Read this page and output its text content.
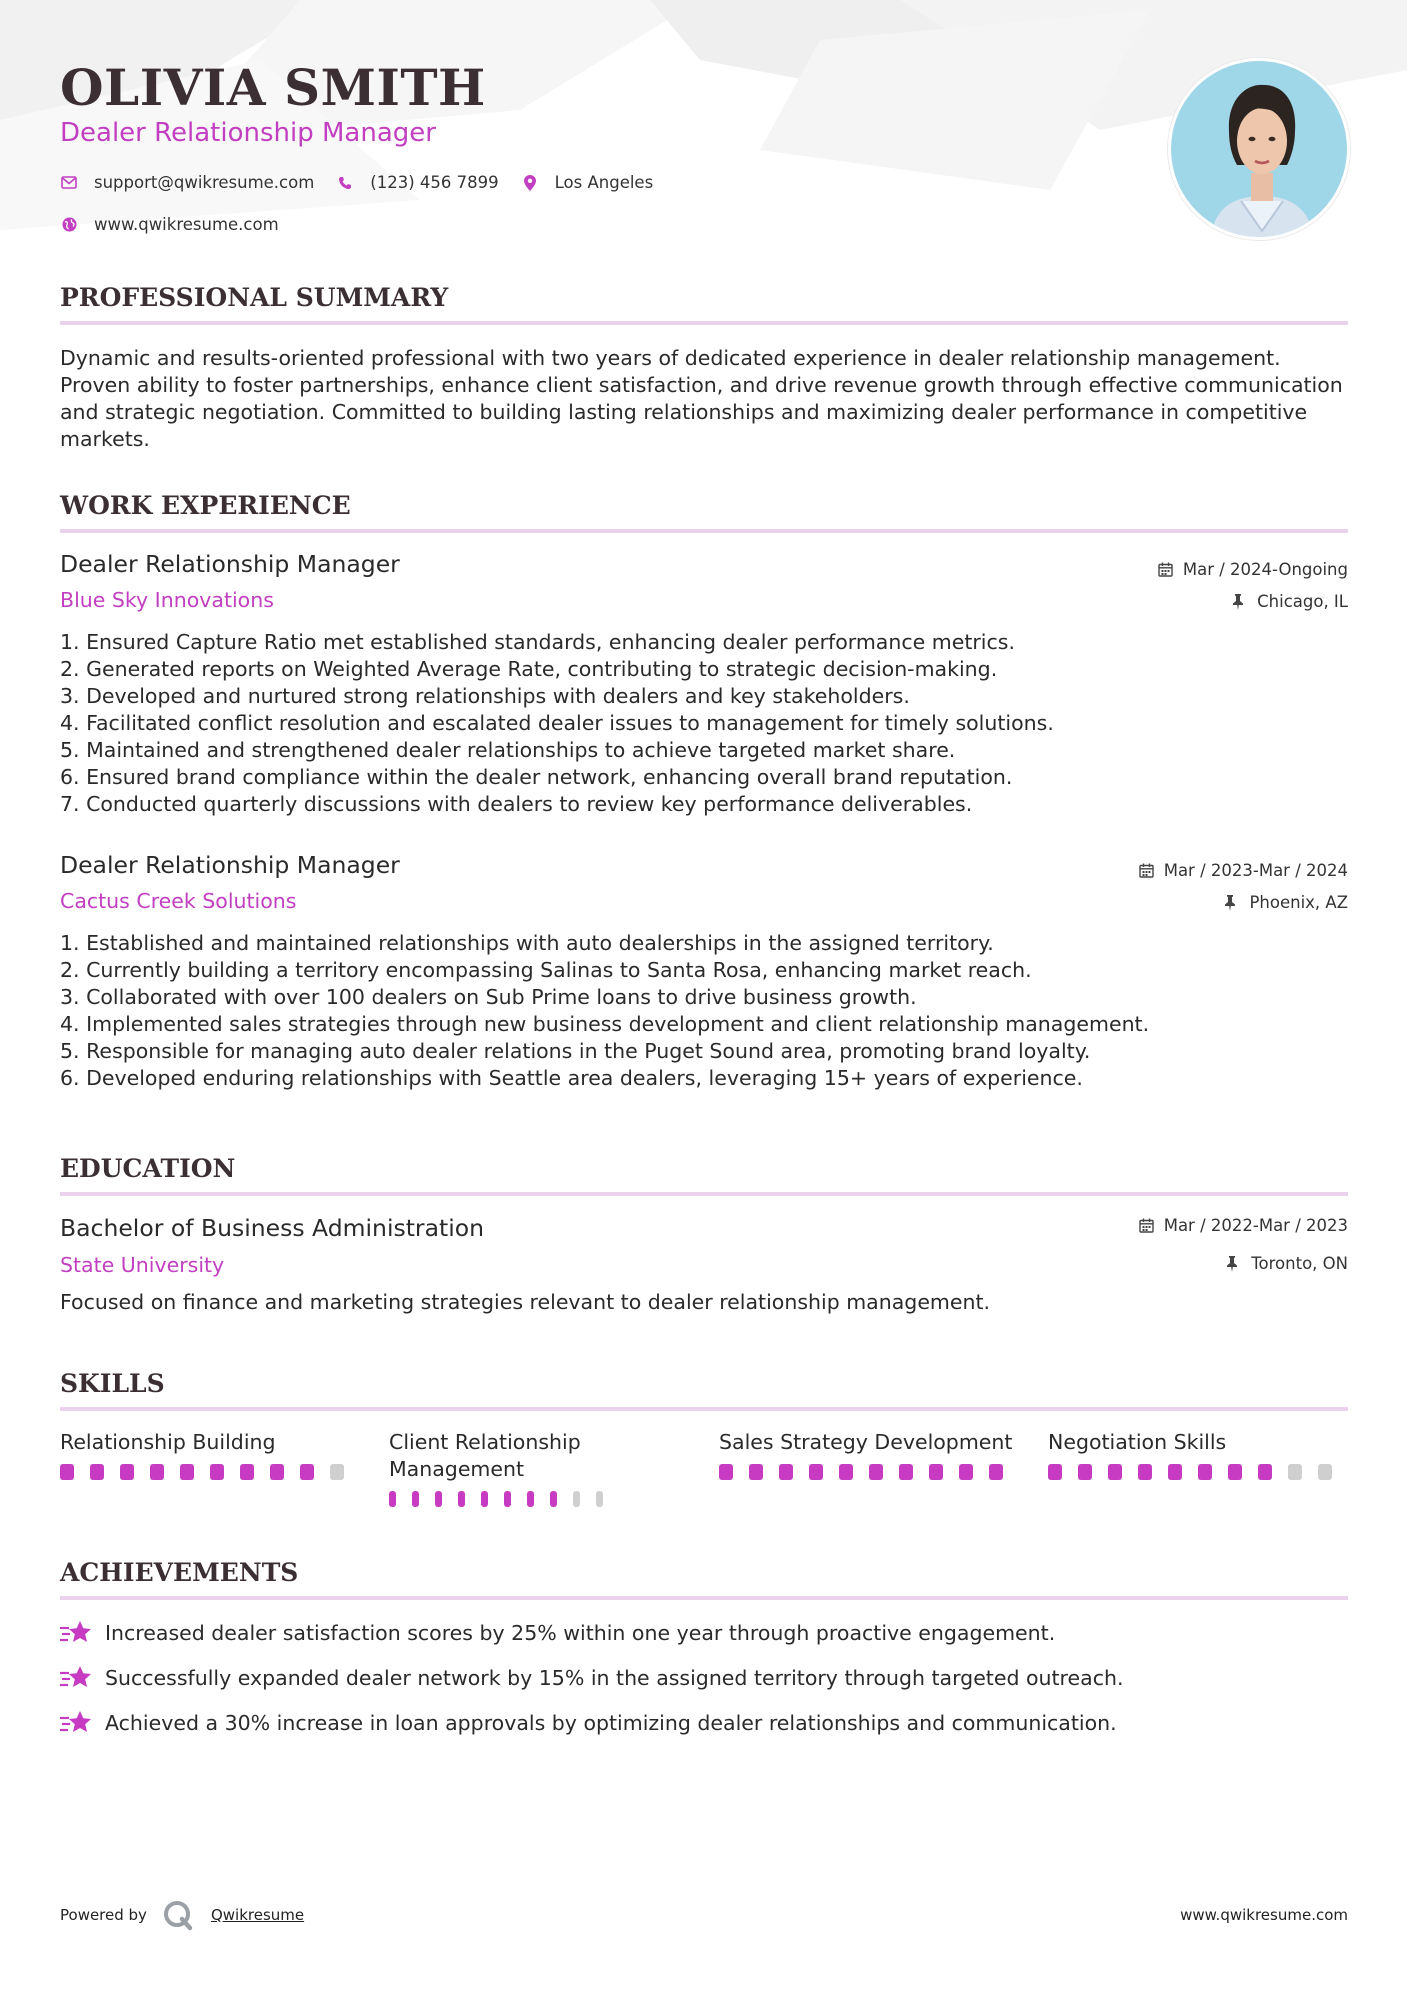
OLIVIA SMITH
Dealer Relationship Manager
support@qwikresume.com	(123) 456 7899	Los Angeles
www.qwikresume.com
PROFESSIONAL SUMMARY
Dynamic and results-oriented professional with two years of dedicated experience in dealer relationship management. Proven ability to foster partnerships, enhance client satisfaction, and drive revenue growth through effective communication and strategic negotiation. Committed to building lasting relationships and maximizing dealer performance in competitive markets.
WORK EXPERIENCE
Dealer Relationship Manager	Mar / 2024-Ongoing
Blue Sky Innovations	Chicago, IL
1. Ensured Capture Ratio met established standards, enhancing dealer performance metrics.
2. Generated reports on Weighted Average Rate, contributing to strategic decision-making.
3. Developed and nurtured strong relationships with dealers and key stakeholders.
4. Facilitated conflict resolution and escalated dealer issues to management for timely solutions.
5. Maintained and strengthened dealer relationships to achieve targeted market share.
6. Ensured brand compliance within the dealer network, enhancing overall brand reputation.
7. Conducted quarterly discussions with dealers to review key performance deliverables.
Dealer Relationship Manager	Mar / 2023-Mar / 2024
Cactus Creek Solutions	Phoenix, AZ
1. Established and maintained relationships with auto dealerships in the assigned territory.
2. Currently building a territory encompassing Salinas to Santa Rosa, enhancing market reach.
3. Collaborated with over 100 dealers on Sub Prime loans to drive business growth.
4. Implemented sales strategies through new business development and client relationship management.
5. Responsible for managing auto dealer relations in the Puget Sound area, promoting brand loyalty.
6. Developed enduring relationships with Seattle area dealers, leveraging 15+ years of experience.
EDUCATION
Bachelor of Business Administration	Mar / 2022-Mar / 2023
State University	Toronto, ON
Focused on finance and marketing strategies relevant to dealer relationship management.
SKILLS
Relationship Building	Client Relationship Management
Sales Strategy Development	Negotiation Skills
ACHIEVEMENTS
Increased dealer satisfaction scores by 25% within one year through proactive engagement.
Successfully expanded dealer network by 15% in the assigned territory through targeted outreach.
Achieved a 30% increase in loan approvals by optimizing dealer relationships and communication.
Powered by	Qwikresume	www.qwikresume.com
